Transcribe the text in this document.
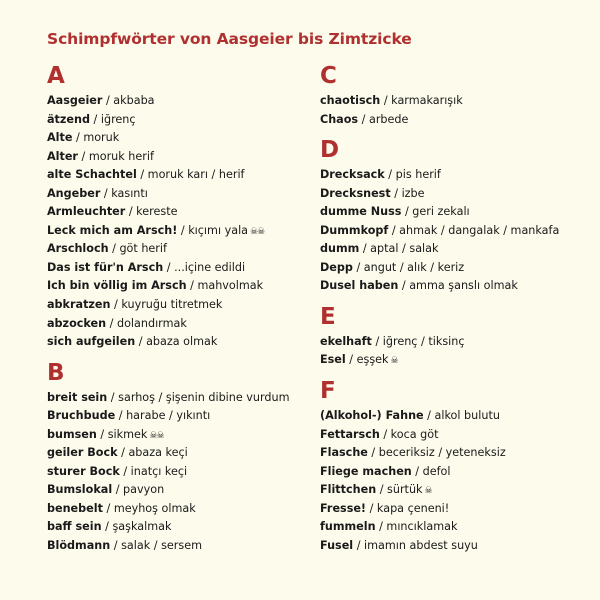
Schimpfwörter von Aasgeier bis Zimtzicke
A
Aasgeier / akbaba
ätzend / iğrenç
Alte / moruk
Alter / moruk herif
alte Schachtel / moruk karı / herif
Angeber / kasıntı
Armleuchter / kereste
Leck mich am Arsch! / kıçımı yala ☠☠
Arschloch / göt herif
Das ist für'n Arsch / ...içine edildi
Ich bin völlig im Arsch / mahvolmak
abkratzen / kuyruğu titretmek
abzocken / dolandırmak
sich aufgeilen / abaza olmak
B
breit sein / sarhoş / şişenin dibine vurdum
Bruchbude / harabe / yıkıntı
bumsen / sikmek ☠☠
geiler Bock / abaza keçi
sturer Bock / inatçı keçi
Bumslokal / pavyon
benebelt / meyhoş olmak
baff sein / şaşkalmak
Blödmann / salak / sersem
C
chaotisch / karmakarışık
Chaos / arbede
D
Drecksack / pis herif
Drecksnest / izbe
dumme Nuss / geri zekalı
Dummkopf / ahmak / dangalak / mankafa
dumm / aptal / salak
Depp / angut / alık / keriz
Dusel haben / amma şanslı olmak
E
ekelhaft / iğrenç / tiksinç
Esel / eşşek ☠
F
(Alkohol-) Fahne / alkol bulutu
Fettarsch / koca göt
Flasche / beceriksiz / yeteneksiz
Fliege machen / defol
Flittchen / sürtük ☠
Fresse! / kapa çeneni!
fummeln / mıncıklamak
Fusel / imamın abdest suyu
